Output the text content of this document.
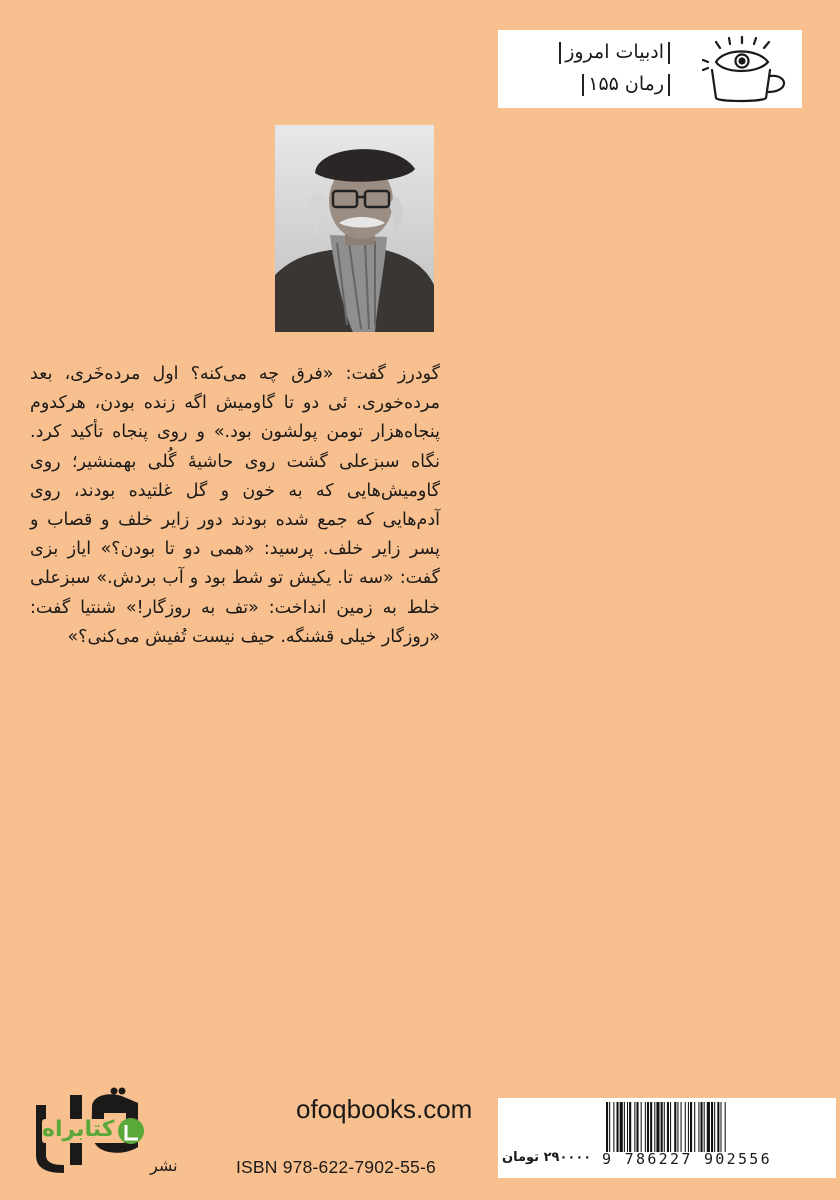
ادبیات امروز
رمان ۱۵۵

گودرز گفت: «فرق چه می‌کنه؟ اول مرده‌خَری، بعد مرده‌خوری. ئی دو تا گاومیش اگه زنده بودن، هرکدوم پنجاه‌هزار تومن پولشون بود.» و روی پنجاه تأکید کرد. نگاه سبزعلی گشت روی حاشیهٔ گُلی بهمنشیر؛ روی گاومیش‌هایی که به خون و گل غلتیده بودند، روی آدم‌هایی که جمع شده بودند دور زایر خلف و قصاب و پسر زایر خلف. پرسید: «همی دو تا بودن؟» ایاز بزی گفت: «سه تا. یکیش تو شط بود و آب بردش.» سبزعلی خلط به زمین انداخت: «تف به روزگار!» شنتیا گفت: «روزگار خیلی قشنگه. حیف نیست تُفیش می‌کنی؟»

کتابراه
نشر
ofoqbooks.com
ISBN 978-622-7902-55-6	9 786227 902556
۲۹۰۰۰۰ تومان
